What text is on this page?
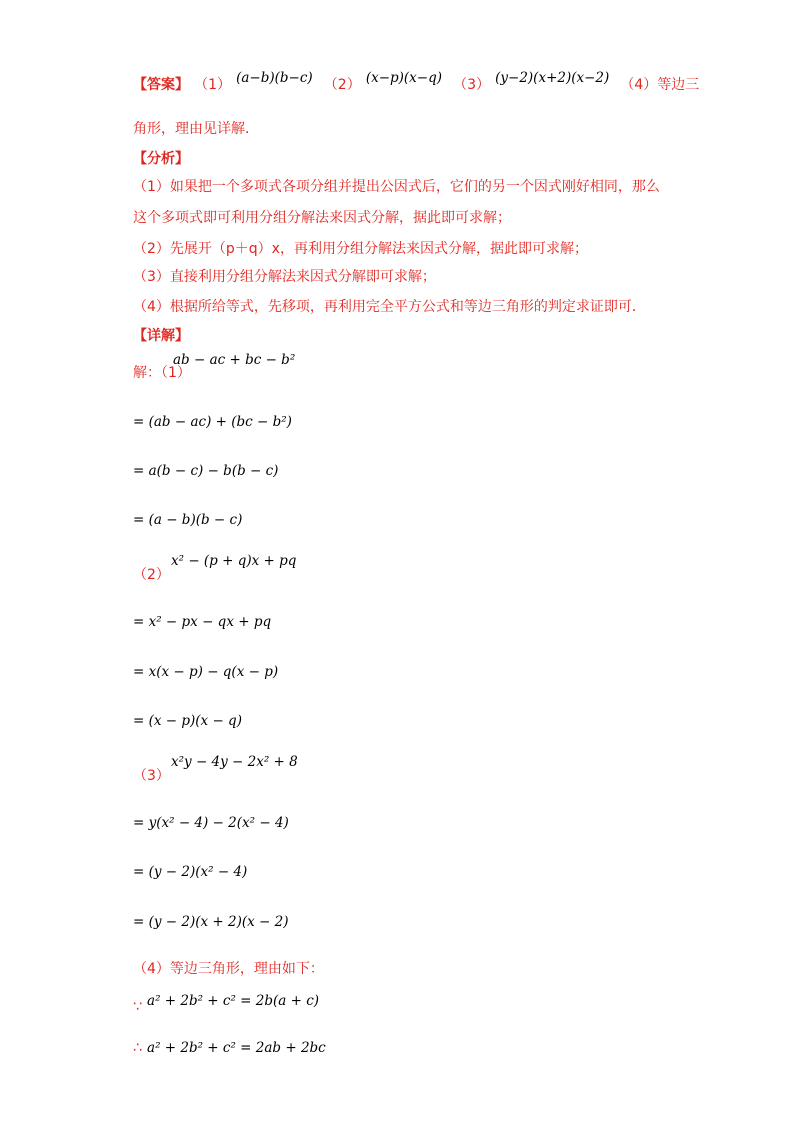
【答案】 （1） $^{(a-b)(b-c)}$ （2） $^{(x-p)(x-q)}$ （3） $^{(y-2)(x+2)(x-2)}$ （4）等边三
角形，理由见详解．
【分析】
（1）如果把一个多项式各项分组并提出公因式后，它们的另一个因式刚好相同，那么
这个多项式即可利用分组分解法来因式分解，据此即可求解；
（2）先展开（p＋q）x，再利用分组分解法来因式分解，据此即可求解；
（3）直接利用分组分解法来因式分解即可求解；
（4）根据所给等式，先移项，再利用完全平方公式和等边三角形的判定求证即可．
【详解】
解：（1）
ab − ac + bc − b²
= (ab − ac) + (bc − b²)
= a(b − c) − b(b − c)
= (a − b)(b − c)
（2）
x² − (p + q)x + pq
= x² − px − qx + pq
= x(x − p) − q(x − p)
= (x − p)(x − q)
（3）
x²y − 4y − 2x² + 8
= y(x² − 4) − 2(x² − 4)
= (y − 2)(x² − 4)
= (y − 2)(x + 2)(x − 2)
（4）等边三角形，理由如下：
∵ a² + 2b² + c² = 2b(a + c)
∴ a² + 2b² + c² = 2ab + 2bc
